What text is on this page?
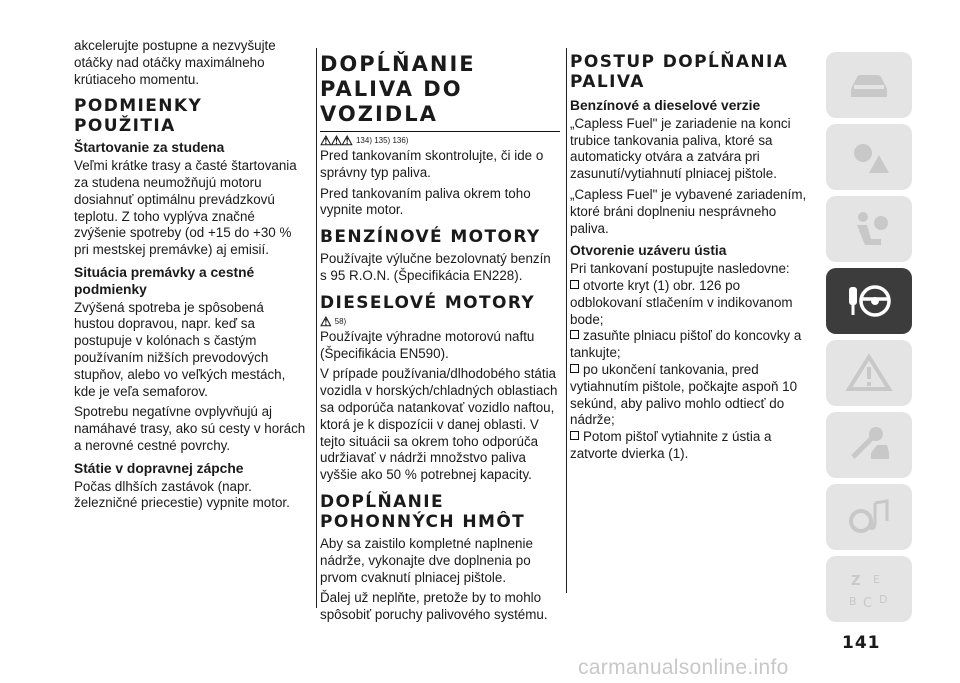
akcelerujte postupne a nezvyšujte otáčky nad otáčky maximálneho krútiaceho momentu.

PODMIENKY POUŽITIA
Štartovanie za studena

Veľmi krátke trasy a časté štartovania za studena neumožňujú motoru dosiahnuť optimálnu prevádzkovú teplotu. Z toho vyplýva značné zvýšenie spotreby (od +15 do +30 % pri mestskej premávke) aj emisií.

Situácia premávky a cestné podmienky

Zvýšená spotreba je spôsobená hustou dopravou, napr. keď sa postupuje v kolónach s častým používaním nižších prevodových stupňov, alebo vo veľkých mestách, kde je veľa semaforov.

Spotrebu negatívne ovplyvňujú aj namáhavé trasy, ako sú cesty v horách a nerovné cestné povrchy.

Státie v dopravnej zápche

Počas dlhších zastávok (napr. železničné priecestie) vypnite motor.

DOPĹŇANIE PALIVA DO VOZIDLA
⚠⚠⚠ 134) 135) 136)

Pred tankovaním skontrolujte, či ide o správny typ paliva.

Pred tankovaním paliva okrem toho vypnite motor.

BENZÍNOVÉ MOTORY

Používajte výlučne bezolovnatý benzín s 95 R.O.N. (Špecifikácia EN228).

DIESELOVÉ MOTORY
⚠ 58)

Používajte výhradne motorovú naftu (Špecifikácia EN590).

V prípade používania/dlhodobého státia vozidla v horských/chladných oblastiach sa odporúča natankovať vozidlo naftou, ktorá je k dispozícii v danej oblasti. V tejto situácii sa okrem toho odporúča udržiavať v nádrži množstvo paliva vyššie ako 50 % potrebnej kapacity.

DOPĹŇANIE POHONNÝCH HMÔT

Aby sa zaistilo kompletné naplnenie nádrže, vykonajte dve doplnenia po prvom cvaknutí plniacej pištole.

Ďalej už neplňte, pretože by to mohlo spôsobiť poruchy palivového systému.

POSTUP DOPĹŇANIA PALIVA
Benzínové a dieselové verzie

„Capless Fuel" je zariadenie na konci trubice tankovania paliva, ktoré sa automaticky otvára a zatvára pri zasunutí/vytiahnutí plniacej pištole.

„Capless Fuel" je vybavené zariadením, ktoré bráni doplneniu nesprávneho paliva.

Otvorenie uzáveru ústia

Pri tankovaní postupujte nasledovne:

otvorte kryt (1) obr. 126 po odblokovaní stlačením v indikovanom bode;
zasuňte plniacu pištoľ do koncovky a tankujte;
po ukončení tankovania, pred vytiahnutím pištole, počkajte aspoň 10 sekúnd, aby palivo mohlo odtiecť do nádrže;
Potom pištoľ vytiahnite z ústia a zatvorte dvierka (1).
Z E
B C D
141
carmanualsonline.info
